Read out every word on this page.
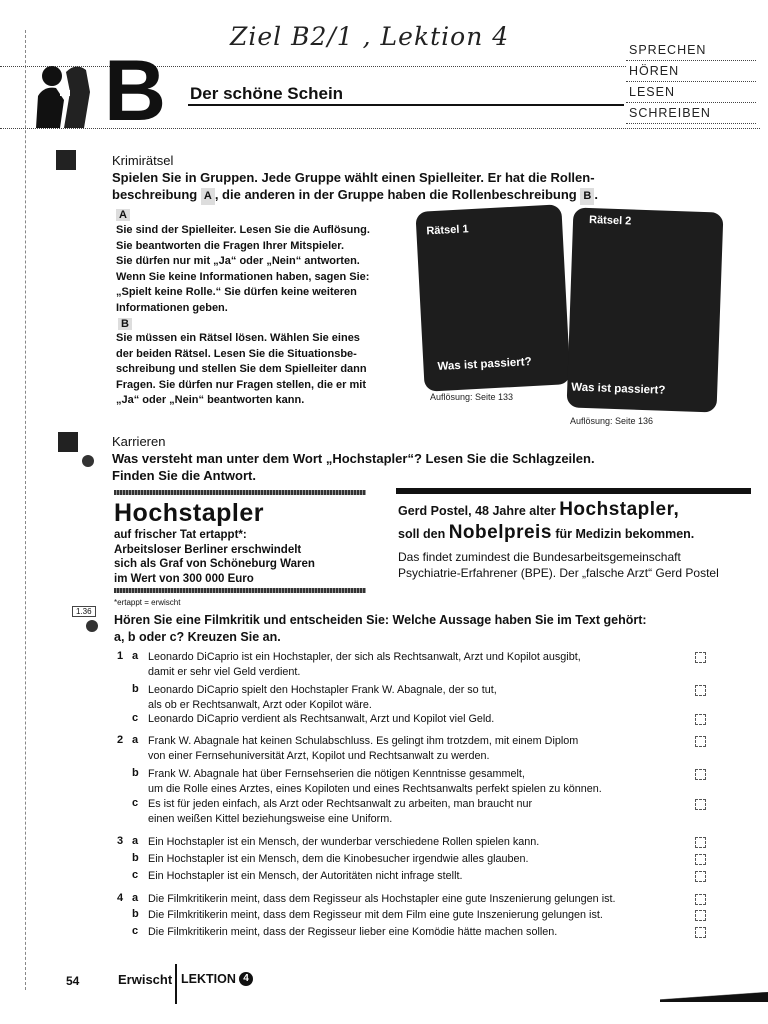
Ziel B2/1 , Lektion 4
B Der schöne Schein
SPRECHEN
HÖREN
LESEN
SCHREIBEN
Krimirätsel
Spielen Sie in Gruppen. Jede Gruppe wählt einen Spielleiter. Er hat die Rollen-
beschreibung A , die anderen in der Gruppe haben die Rollenbeschreibung B .
A
Sie sind der Spielleiter. Lesen Sie die Auflösung.
Sie beantworten die Fragen Ihrer Mitspieler.
Sie dürfen nur mit „Ja“ oder „Nein“ antworten.
Wenn Sie keine Informationen haben, sagen Sie:
„Spielt keine Rolle.“ Sie dürfen keine weiteren
Informationen geben.
B
Sie müssen ein Rätsel lösen. Wählen Sie eines
der beiden Rätsel. Lesen Sie die Situationsbe-
schreibung und stellen Sie dem Spielleiter dann
Fragen. Sie dürfen nur Fragen stellen, die er mit
„Ja“ oder „Nein“ beantworten kann.
Rätsel 1
Was ist passiert?
Auflösung: Seite 133
Rätsel 2
Was ist passiert?
Auflösung: Seite 136
Karrieren
Was versteht man unter dem Wort „Hochstapler“? Lesen Sie die Schlagzeilen.
Finden Sie die Antwort.
Hochstapler
auf frischer Tat ertappt*:
Arbeitsloser Berliner erschwindelt
sich als Graf von Schöneburg Waren
im Wert von 300 000 Euro
*ertappt = erwischt
Gerd Postel, 48 Jahre alter Hochstapler,
soll den Nobelpreis für Medizin bekommen.
Das findet zumindest die Bundesarbeitsgemeinschaft
Psychiatrie-Erfahrener (BPE). Der „falsche Arzt“ Gerd Postel
1.36
Hören Sie eine Filmkritik und entscheiden Sie: Welche Aussage haben Sie im Text gehört:
a, b oder c? Kreuzen Sie an.
1 a Leonardo DiCaprio ist ein Hochstapler, der sich als Rechtsanwalt, Arzt und Kopilot ausgibt,
damit er sehr viel Geld verdient.
b Leonardo DiCaprio spielt den Hochstapler Frank W. Abagnale, der so tut,
als ob er Rechtsanwalt, Arzt oder Kopilot wäre.
c Leonardo DiCaprio verdient als Rechtsanwalt, Arzt und Kopilot viel Geld.
2 a Frank W. Abagnale hat keinen Schulabschluss. Es gelingt ihm trotzdem, mit einem Diplom
von einer Fernsehuniversität Arzt, Kopilot und Rechtsanwalt zu werden.
b Frank W. Abagnale hat über Fernsehserien die nötigen Kenntnisse gesammelt,
um die Rolle eines Arztes, eines Kopiloten und eines Rechtsanwalts perfekt spielen zu können.
c Es ist für jeden einfach, als Arzt oder Rechtsanwalt zu arbeiten, man braucht nur
einen weißen Kittel beziehungsweise eine Uniform.
3 a Ein Hochstapler ist ein Mensch, der wunderbar verschiedene Rollen spielen kann.
b Ein Hochstapler ist ein Mensch, dem die Kinobesucher irgendwie alles glauben.
c Ein Hochstapler ist ein Mensch, der Autoritäten nicht infrage stellt.
4 a Die Filmkritikerin meint, dass dem Regisseur als Hochstapler eine gute Inszenierung gelungen ist.
b Die Filmkritikerin meint, dass dem Regisseur mit dem Film eine gute Inszenierung gelungen ist.
c Die Filmkritikerin meint, dass der Regisseur lieber eine Komödie hätte machen sollen.
54	Erwischt LEKTION 4
